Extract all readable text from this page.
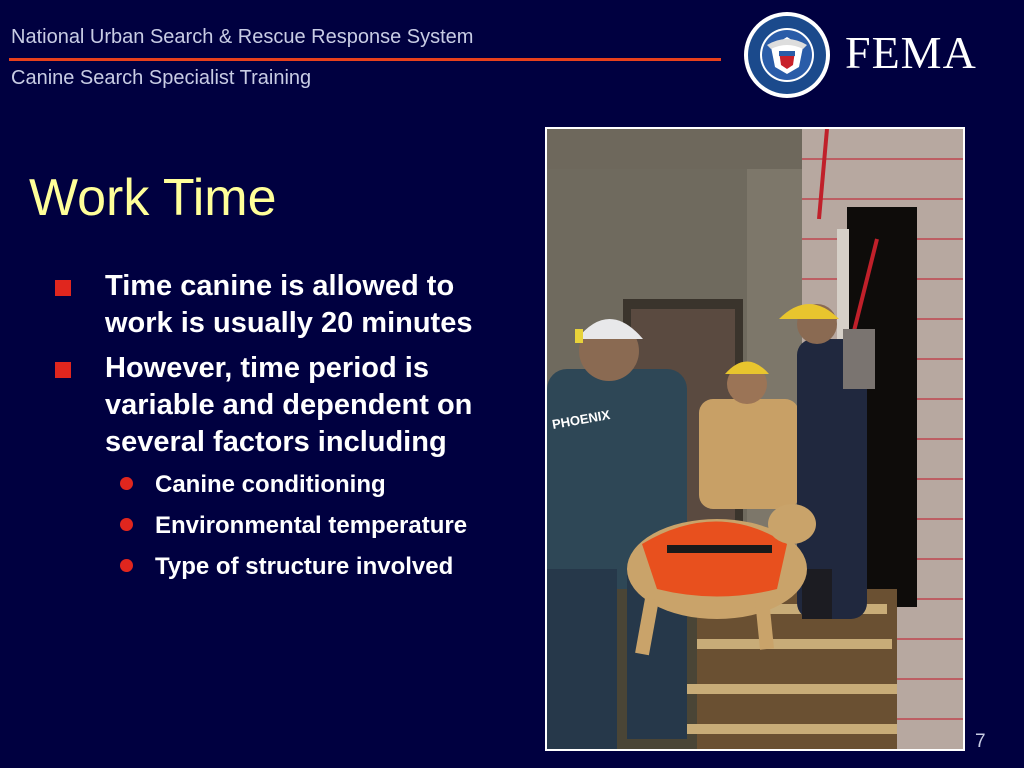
National Urban Search & Rescue Response System
Canine Search Specialist Training	FEMA
Work Time
Time canine is allowed to work is usually 20 minutes
However, time period is variable and dependent on several factors including
Canine conditioning
Environmental temperature
Type of structure involved
PHOENIX
7
